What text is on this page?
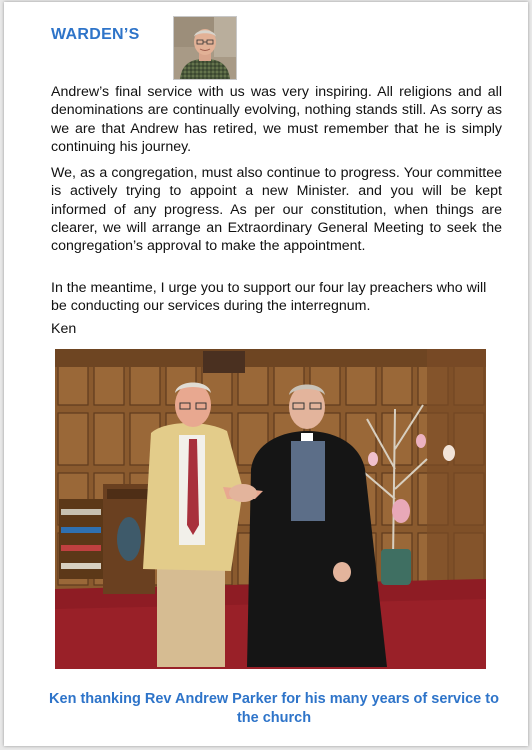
WARDEN’S

Andrew’s final service with us was very inspiring. All religions and all denominations are continually evolving, nothing stands still. As sorry as we are that Andrew has retired, we must remember that he is simply continuing his journey.

We, as a congregation, must also continue to progress. Your committee is actively trying to appoint a new Minister. and you will be kept informed of any progress. As per our constitution, when things are clearer, we will arrange an Extraordinary General Meeting to seek the congregation’s approval to make the appointment.

In the meantime, I urge you to support our four lay preachers who will be conducting our services during the interregnum.

Ken

Ken thanking Rev Andrew Parker for his many years of service to the church
